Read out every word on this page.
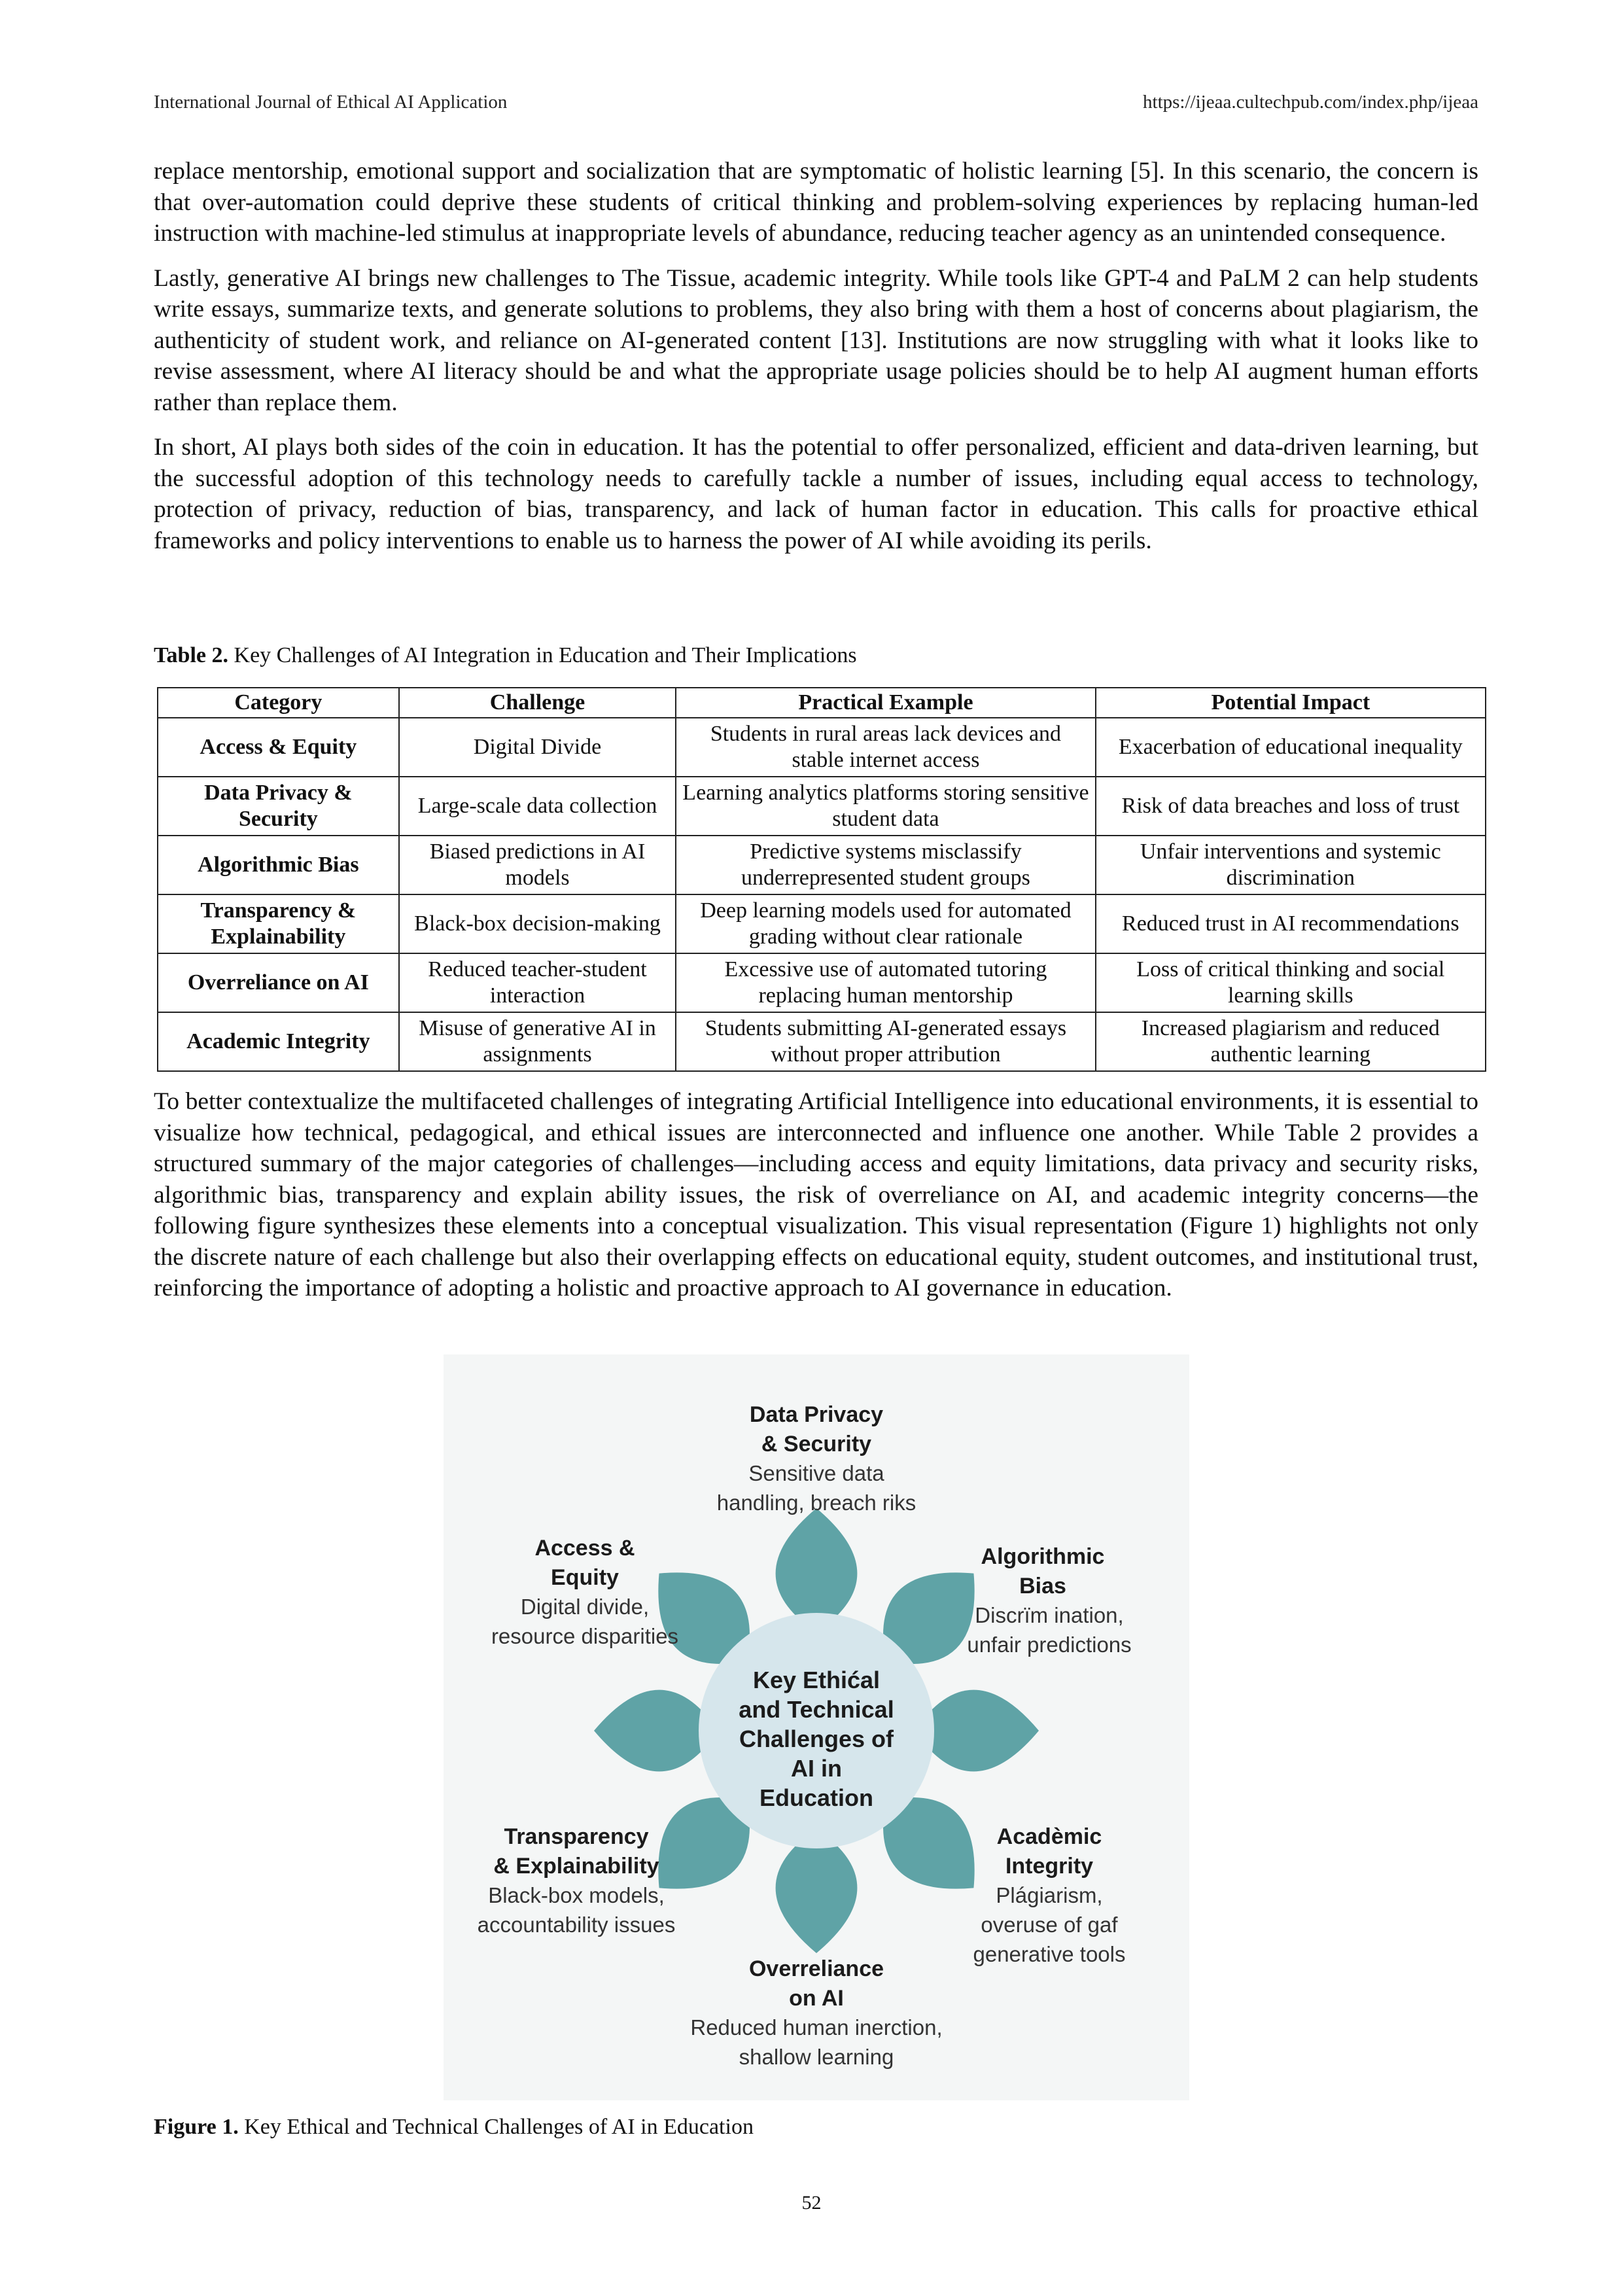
International Journal of Ethical AI Application	https://ijeaa.cultechpub.com/index.php/ijeaa

replace mentorship, emotional support and socialization that are symptomatic of holistic learning [5]. In this scenario, the concern is that over-automation could deprive these students of critical thinking and problem-solving experiences by replacing human-led instruction with machine-led stimulus at inappropriate levels of abundance, reducing teacher agency as an unintended consequence.

Lastly, generative AI brings new challenges to The Tissue, academic integrity. While tools like GPT-4 and PaLM 2 can help students write essays, summarize texts, and generate solutions to problems, they also bring with them a host of concerns about plagiarism, the authenticity of student work, and reliance on AI-generated content [13]. Institutions are now struggling with what it looks like to revise assessment, where AI literacy should be and what the appropriate usage policies should be to help AI augment human efforts rather than replace them.

In short, AI plays both sides of the coin in education. It has the potential to offer personalized, efficient and data-driven learning, but the successful adoption of this technology needs to carefully tackle a number of issues, including equal access to technology, protection of privacy, reduction of bias, transparency, and lack of human factor in education. This calls for proactive ethical frameworks and policy interventions to enable us to harness the power of AI while avoiding its perils.

Table 2. Key Challenges of AI Integration in Education and Their Implications
Category	Challenge	Practical Example	Potential Impact
Access & Equity	Digital Divide	Students in rural areas lack devices and stable internet access	Exacerbation of educational inequality
Data Privacy & Security	Large-scale data collection	Learning analytics platforms storing sensitive student data	Risk of data breaches and loss of trust
Algorithmic Bias	Biased predictions in AI models	Predictive systems misclassify underrepresented student groups	Unfair interventions and systemic discrimination
Transparency & Explainability	Black-box decision-making	Deep learning models used for automated grading without clear rationale	Reduced trust in AI recommendations
Overreliance on AI	Reduced teacher-student interaction	Excessive use of automated tutoring replacing human mentorship	Loss of critical thinking and social learning skills
Academic Integrity	Misuse of generative AI in assignments	Students submitting AI-generated essays without proper attribution	Increased plagiarism and reduced authentic learning

To better contextualize the multifaceted challenges of integrating Artificial Intelligence into educational environments, it is essential to visualize how technical, pedagogical, and ethical issues are interconnected and influence one another. While Table 2 provides a structured summary of the major categories of challenges—including access and equity limitations, data privacy and security risks, algorithmic bias, transparency and explain ability issues, the risk of overreliance on AI, and academic integrity concerns—the following figure synthesizes these elements into a conceptual visualization. This visual representation (Figure 1) highlights not only the discrete nature of each challenge but also their overlapping effects on educational equity, student outcomes, and institutional trust, reinforcing the importance of adopting a holistic and proactive approach to AI governance in education.

Key Ethićal
and Technical
Challenges of
AI in
Education
Data Privacy
& Security
Sensitive data
handling, breach riks
Access &
Equity
Digital divide,
resource disparities
Algorithmic
Bias
Discrïm ination,
unfair predictions
Transparency
& Explainability
Black-box models,
accountability issues
Acadèmic
Integrity
Plágiarism,
overuse of gaf
generative tools
Overreliance
on AI
Reduced human inerction,
shallow learning
Figure 1. Key Ethical and Technical Challenges of AI in Education
52
